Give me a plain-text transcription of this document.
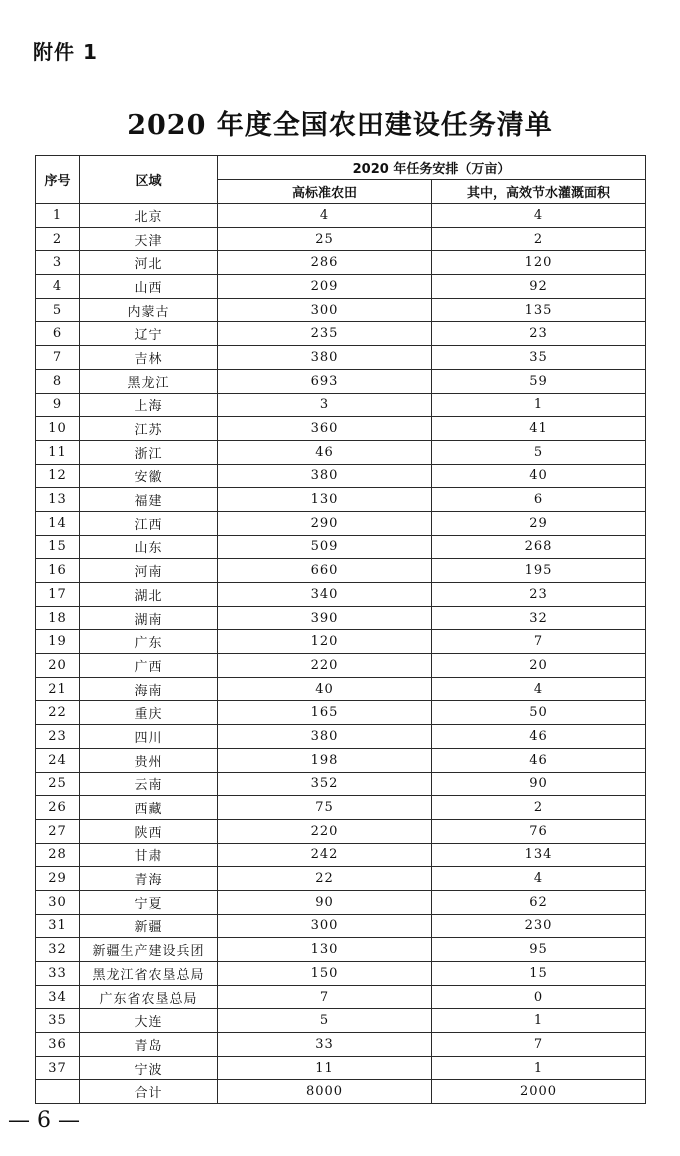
附件 1
2020 年度全国农田建设任务清单
序号	区域	2020 年任务安排（万亩）	
		高标准农田	其中，高效节水灌溉面积
1	北京	4	4
2	天津	25	2
3	河北	286	120
4	山西	209	92
5	内蒙古	300	135
6	辽宁	235	23
7	吉林	380	35
8	黑龙江	693	59
9	上海	3	1
10	江苏	360	41
11	浙江	46	5
12	安徽	380	40
13	福建	130	6
14	江西	290	29
15	山东	509	268
16	河南	660	195
17	湖北	340	23
18	湖南	390	32
19	广东	120	7
20	广西	220	20
21	海南	40	4
22	重庆	165	50
23	四川	380	46
24	贵州	198	46
25	云南	352	90
26	西藏	75	2
27	陕西	220	76
28	甘肃	242	134
29	青海	22	4
30	宁夏	90	62
31	新疆	300	230
32	新疆生产建设兵团	130	95
33	黑龙江省农垦总局	150	15
34	广东省农垦总局	7	0
35	大连	5	1
36	青岛	33	7
37	宁波	11	1
	合计	8000	2000
— 6 —
